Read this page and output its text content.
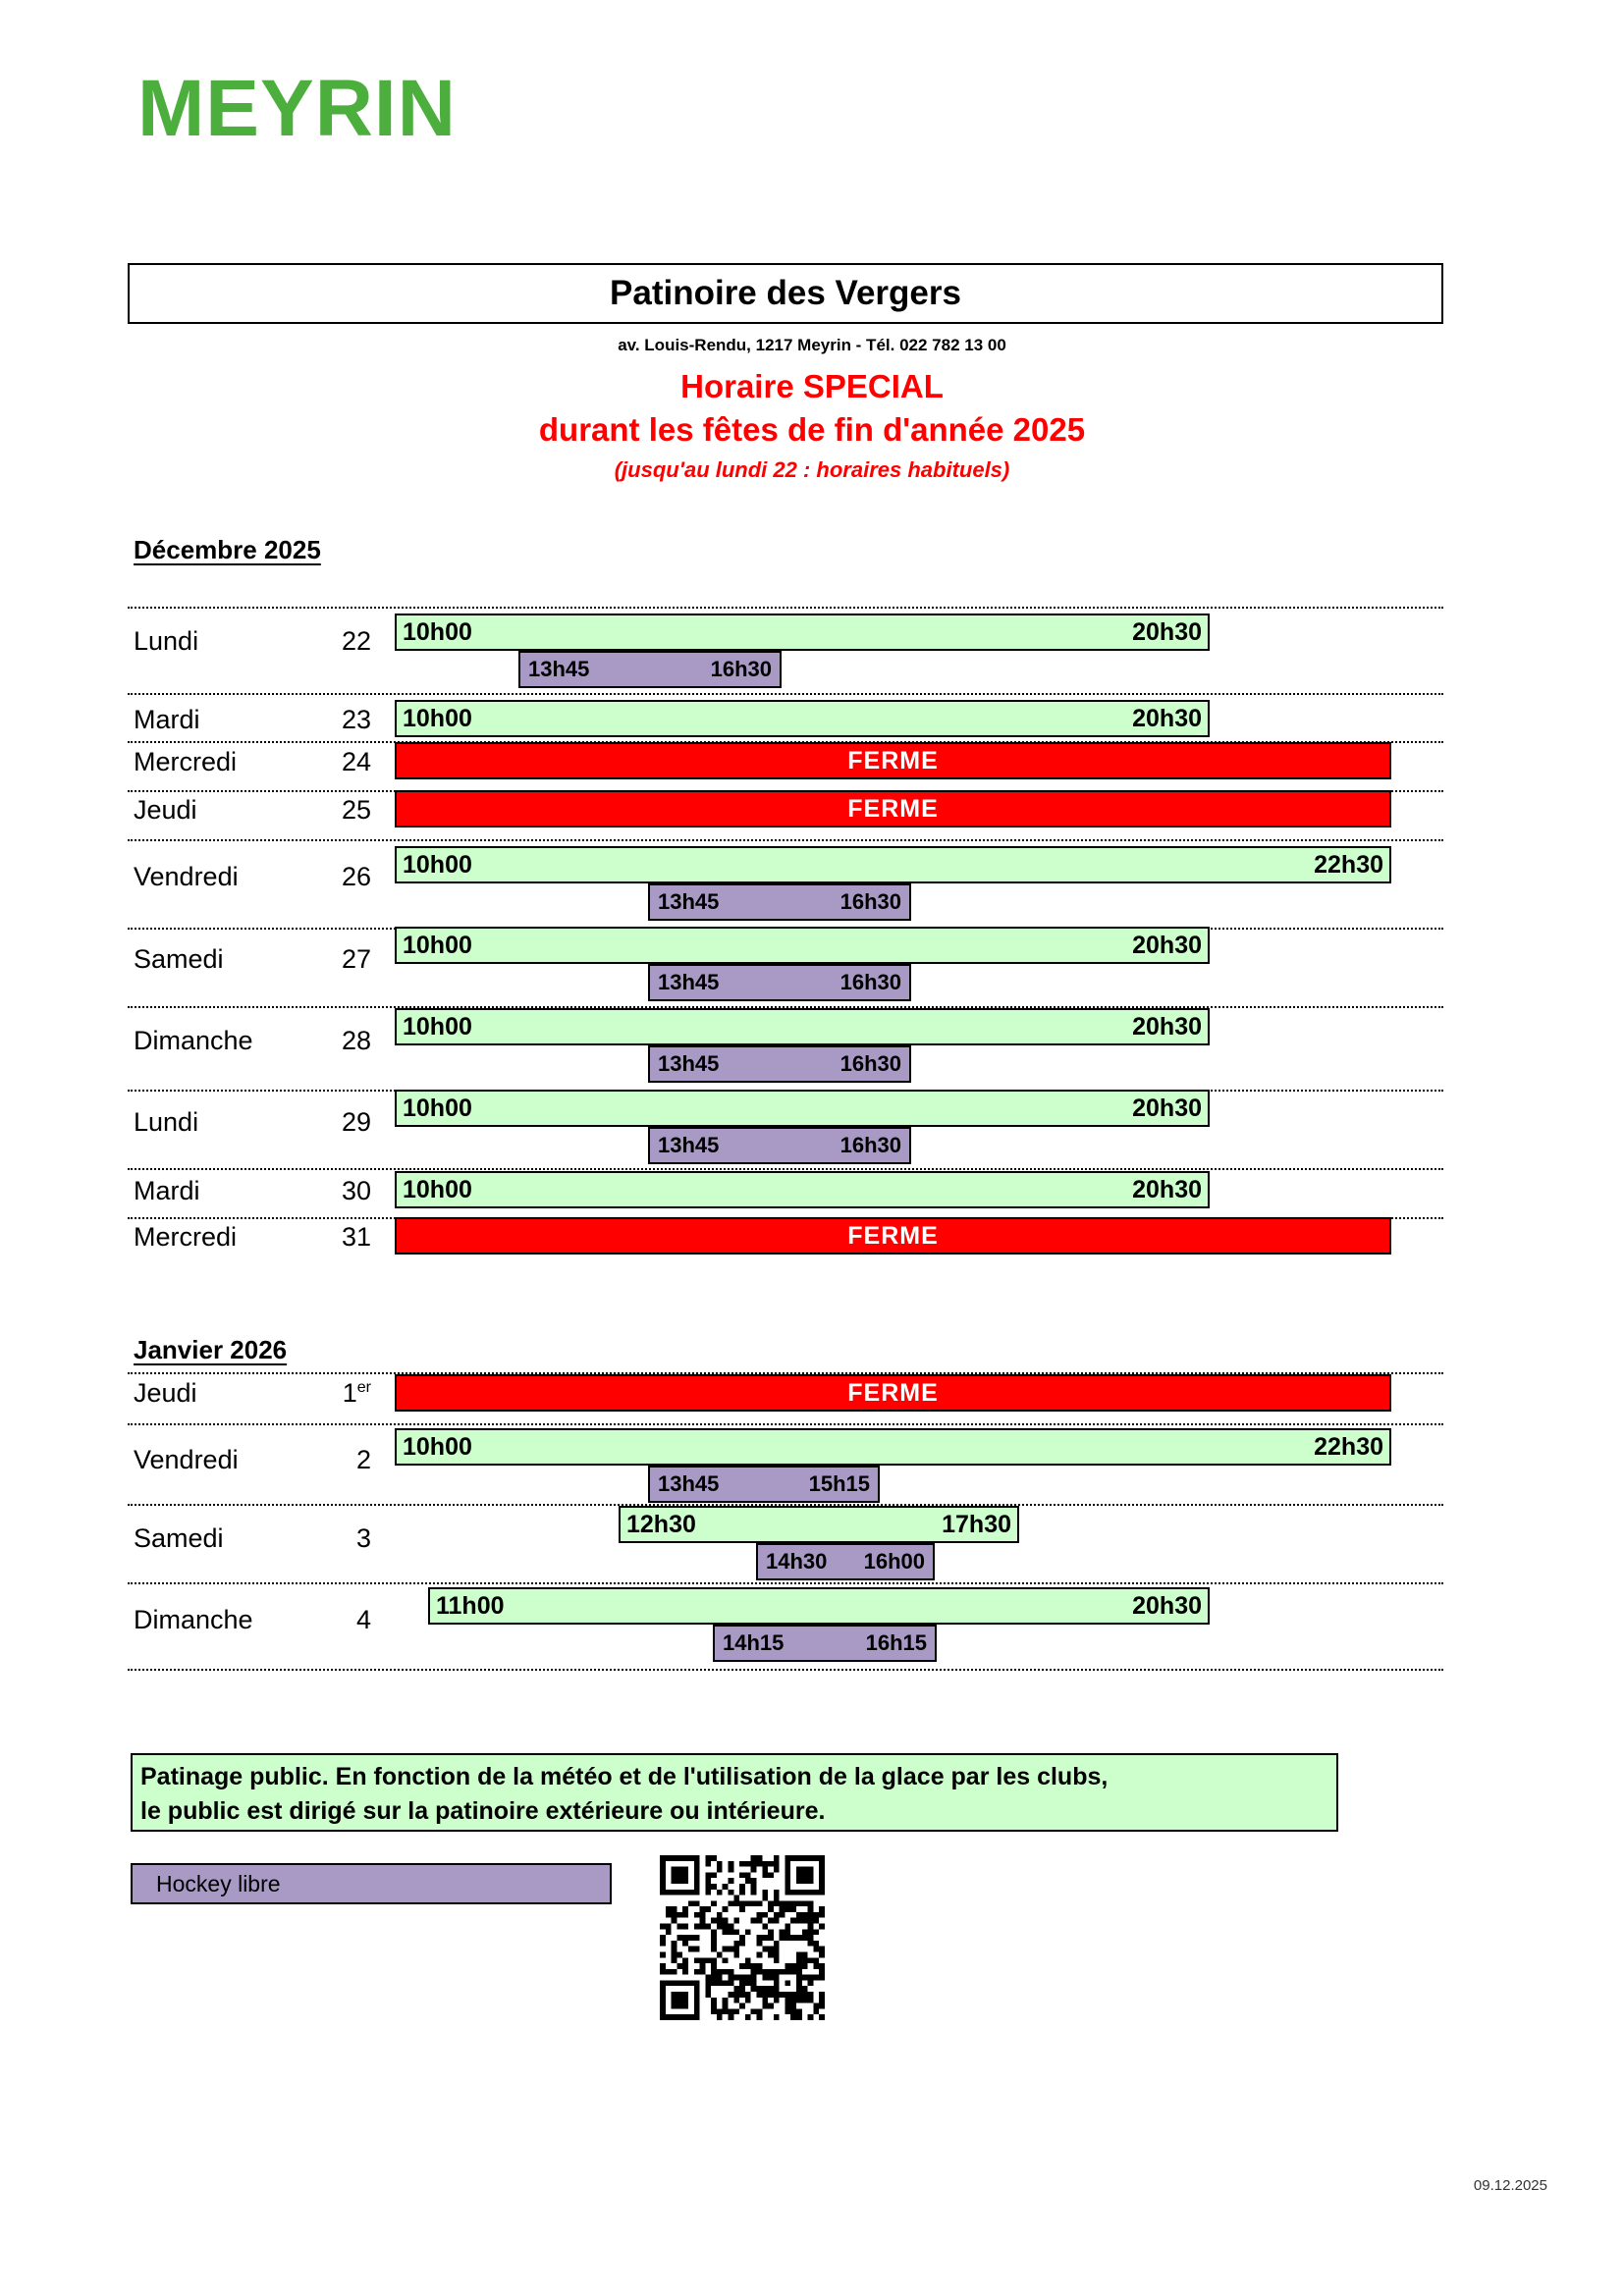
MEYRIN
Patinoire des Vergers
av. Louis-Rendu, 1217 Meyrin - Tél. 022 782 13 00
Horaire SPECIAL
durant les fêtes de fin d'année 2025
(jusqu'au lundi 22 : horaires habituels)
Décembre 2025
Janvier 2026
Lundi	22 10h00	20h30
13h45	16h30
Mardi	23 10h00	20h30
Mercredi	24	FERME
Jeudi	25	FERME
Vendredi	26 10h00	22h30
13h45	16h30
Samedi	27 10h00	20h30
13h45	16h30
Dimanche	28 10h00	20h30
13h45	16h30
Lundi	29 10h00	20h30
13h45	16h30
Mardi	30 10h00	20h30
Mercredi	31	FERME
Jeudi	1er	FERME
Vendredi	2 10h00	22h30
13h45	15h15
Samedi	3	12h30	17h30
14h30 16h00
Dimanche	4	11h00	20h30
14h15	16h15
Patinage public. En fonction de la météo et de l'utilisation de la glace par les clubs,
le public est dirigé sur la patinoire extérieure ou intérieure.
Hockey libre
09.12.2025
